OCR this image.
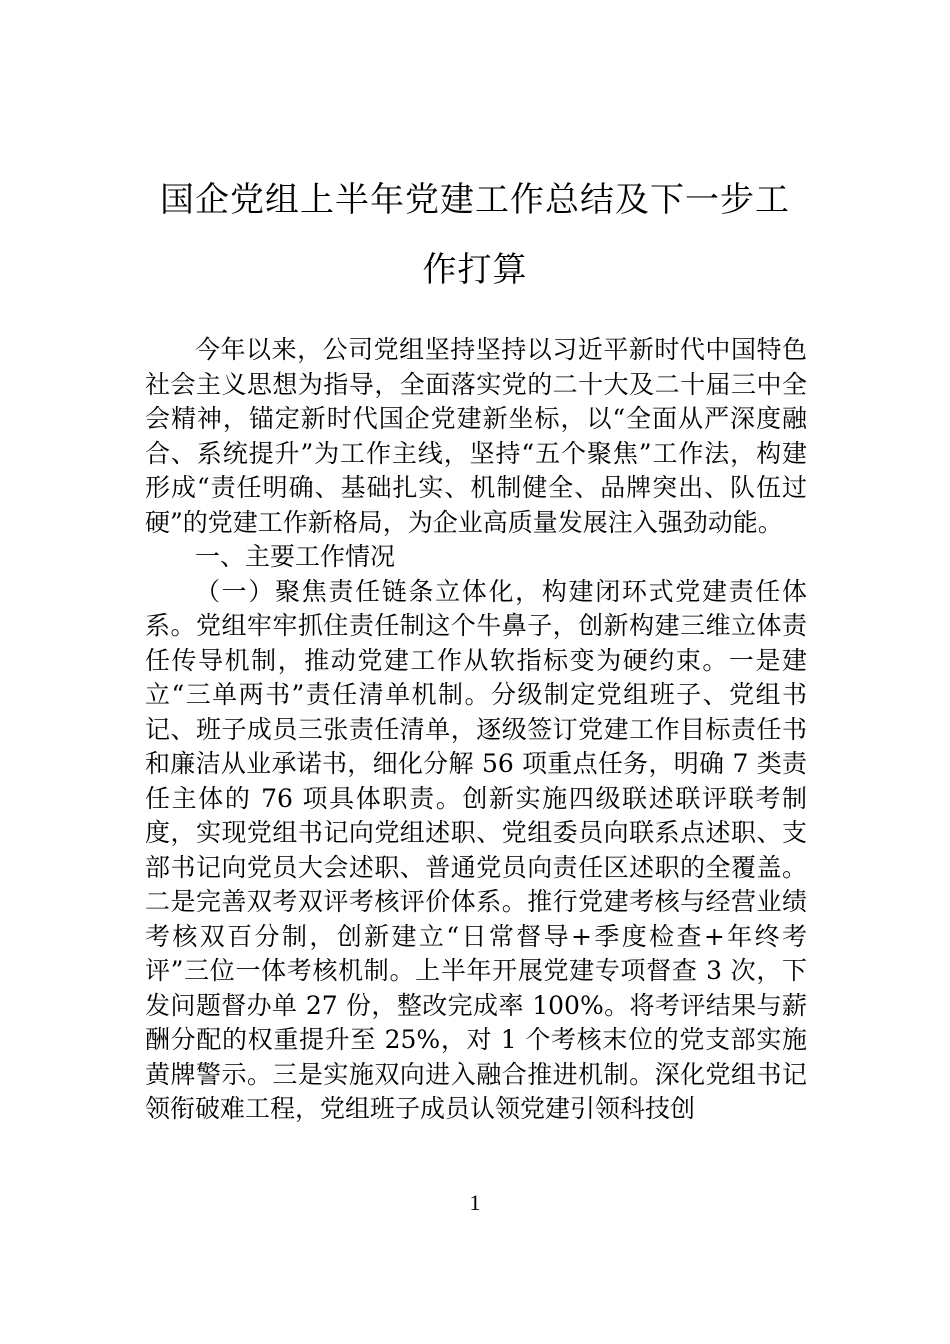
国企党组上半年党建工作总结及下一步工作打算

今年以来，公司党组坚持坚持以习近平新时代中国特色社会主义思想为指导，全面落实党的二十大及二十届三中全会精神，锚定新时代国企党建新坐标，以“全面从严深度融合、系统提升”为工作主线，坚持“五个聚焦”工作法，构建形成“责任明确、基础扎实、机制健全、品牌突出、队伍过硬”的党建工作新格局，为企业高质量发展注入强劲动能。

一、主要工作情况

（一）聚焦责任链条立体化，构建闭环式党建责任体系。党组牢牢抓住责任制这个牛鼻子，创新构建三维立体责任传导机制，推动党建工作从软指标变为硬约束。一是建立“三单两书”责任清单机制。分级制定党组班子、党组书记、班子成员三张责任清单，逐级签订党建工作目标责任书和廉洁从业承诺书，细化分解 56 项重点任务，明确 7 类责任主体的 76 项具体职责。创新实施四级联述联评联考制度，实现党组书记向党组述职、党组委员向联系点述职、支部书记向党员大会述职、普通党员向责任区述职的全覆盖。二是完善双考双评考核评价体系。推行党建考核与经营业绩考核双百分制，创新建立“日常督导+季度检查+年终考评”三位一体考核机制。上半年开展党建专项督查 3 次，下发问题督办单 27 份，整改完成率 100%。将考评结果与薪酬分配的权重提升至 25%，对 1 个考核末位的党支部实施黄牌警示。三是实施双向进入融合推进机制。深化党组书记领衔破难工程，党组班子成员认领党建引领科技创

1
